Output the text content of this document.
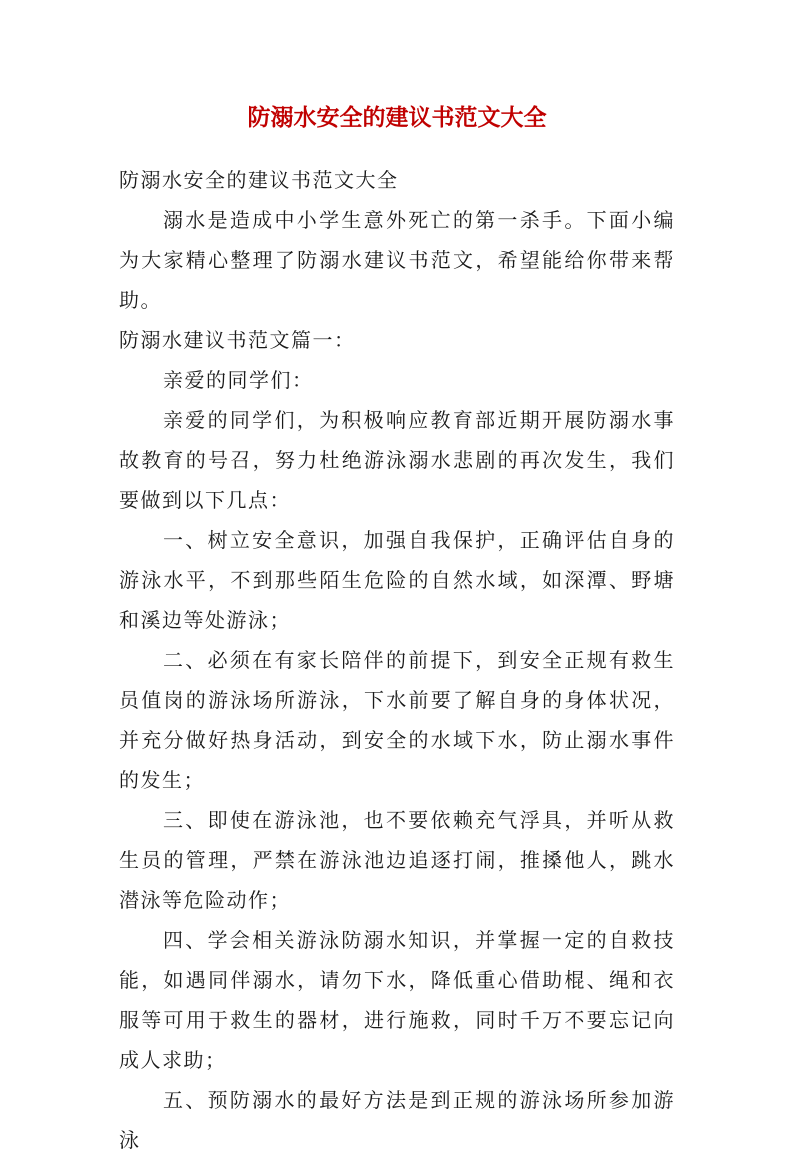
防溺水安全的建议书范文大全

防溺水安全的建议书范文大全

溺水是造成中小学生意外死亡的第一杀手。下面小编为大家精心整理了防溺水建议书范文，希望能给你带来帮助。

防溺水建议书范文篇一：

亲爱的同学们：

亲爱的同学们，为积极响应教育部近期开展防溺水事故教育的号召，努力杜绝游泳溺水悲剧的再次发生，我们要做到以下几点：

一、树立安全意识，加强自我保护，正确评估自身的游泳水平，不到那些陌生危险的自然水域，如深潭、野塘和溪边等处游泳；

二、必须在有家长陪伴的前提下，到安全正规有救生员值岗的游泳场所游泳，下水前要了解自身的身体状况，并充分做好热身活动，到安全的水域下水，防止溺水事件的发生；

三、即使在游泳池，也不要依赖充气浮具，并听从救生员的管理，严禁在游泳池边追逐打闹，推搡他人，跳水潜泳等危险动作；

四、学会相关游泳防溺水知识，并掌握一定的自救技能，如遇同伴溺水，请勿下水，降低重心借助棍、绳和衣服等可用于救生的器材，进行施救，同时千万不要忘记向成人求助；

五、预防溺水的最好方法是到正规的游泳场所参加游泳
